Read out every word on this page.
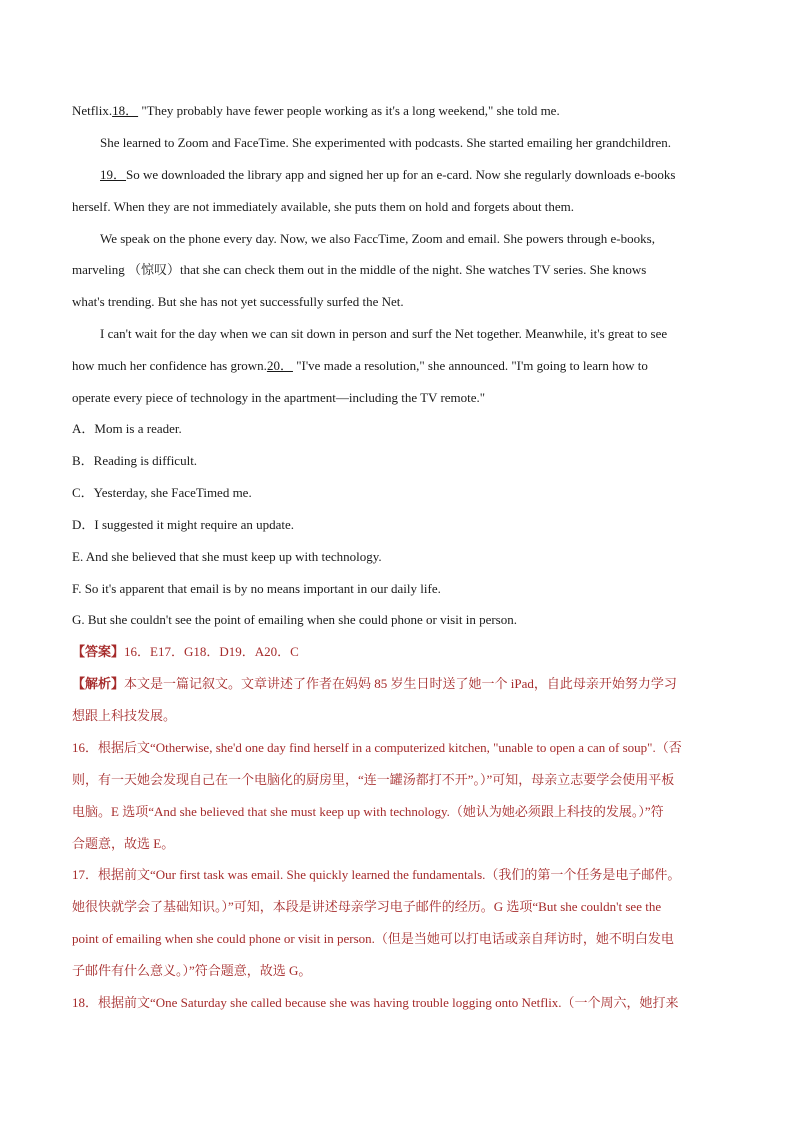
Netflix.18． "They probably have fewer people working as it's a long weekend," she told me.
She learned to Zoom and FaceTime. She experimented with podcasts. She started emailing her grandchildren.
19．So we downloaded the library app and signed her up for an e-card. Now she regularly downloads e-books
herself. When they are not immediately available, she puts them on hold and forgets about them.
We speak on the phone every day. Now, we also FaccTime, Zoom and email. She powers through e-books,
marveling （惊叹）that she can check them out in the middle of the night. She watches TV series. She knows
what's trending. But she has not yet successfully surfed the Net.
I can't wait for the day when we can sit down in person and surf the Net together. Meanwhile, it's great to see
how much her confidence has grown.20． "I've made a resolution," she announced. "I'm going to learn how to
operate every piece of technology in the apartment—including the TV remote."
A．Mom is a reader.
B．Reading is difficult.
C．Yesterday, she FaceTimed me.
D．I suggested it might require an update.
E. And she believed that she must keep up with technology.
F. So it's apparent that email is by no means important in our daily life.
G. But she couldn't see the point of emailing when she could phone or visit in person.
【答案】16．E17．G18．D19．A20．C
【解析】本文是一篇记叙文。文章讲述了作者在妈妈 85 岁生日时送了她一个 iPad，自此母亲开始努力学习
想跟上科技发展。
16．根据后文“Otherwise, she'd one day find herself in a computerized kitchen, "unable to open a can of soup".（否
则，有一天她会发现自己在一个电脑化的厨房里，“连一罐汤都打不开”。）”可知，母亲立志要学会使用平板
电脑。E 选项“And she believed that she must keep up with technology.（她认为她必须跟上科技的发展。）”符
合题意，故选 E。
17．根据前文“Our first task was email. She quickly learned the fundamentals.（我们的第一个任务是电子邮件。
她很快就学会了基础知识。）”可知，本段是讲述母亲学习电子邮件的经历。G 选项“But she couldn't see the
point of emailing when she could phone or visit in person.（但是当她可以打电话或亲自拜访时，她不明白发电
子邮件有什么意义。）”符合题意，故选 G。
18．根据前文“One Saturday she called because she was having trouble logging onto Netflix.（一个周六，她打来
